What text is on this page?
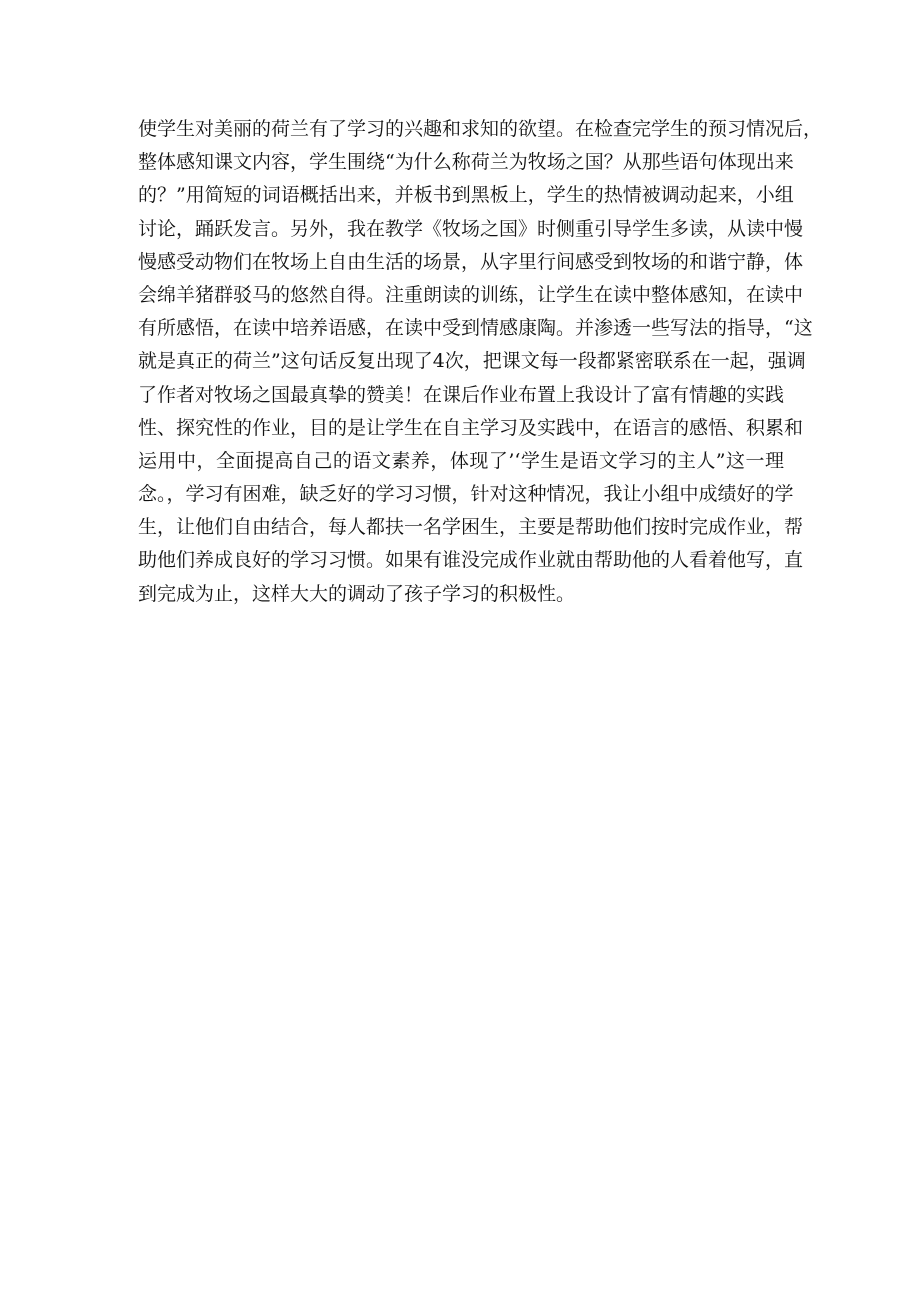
使学生对美丽的荷兰有了学习的兴趣和求知的欲望。在检查完学生的预习情况后，
整体感知课文内容，学生围绕“为什么称荷兰为牧场之国？从那些语句体现出来
的？”用简短的词语概括出来，并板书到黑板上，学生的热情被调动起来，小组
讨论，踊跃发言。另外，我在教学《牧场之国》时侧重引导学生多读，从读中慢
慢感受动物们在牧场上自由生活的场景，从字里行间感受到牧场的和谐宁静，体
会绵羊猪群驳马的悠然自得。注重朗读的训练，让学生在读中整体感知，在读中
有所感悟，在读中培养语感，在读中受到情感康陶。并渗透一些写法的指导，“这
就是真正的荷兰”这句话反复出现了4次，把课文每一段都紧密联系在一起，强调
了作者对牧场之国最真挚的赞美！在课后作业布置上我设计了富有情趣的实践
性、探究性的作业，目的是让学生在自主学习及实践中，在语言的感悟、积累和
运用中，全面提高自己的语文素养，体现了’‘学生是语文学习的主人”这一理
念。，学习有困难，缺乏好的学习习惯，针对这种情况，我让小组中成绩好的学
生，让他们自由结合，每人都扶一名学困生，主要是帮助他们按时完成作业，帮
助他们养成良好的学习习惯。如果有谁没完成作业就由帮助他的人看着他写，直
到完成为止，这样大大的调动了孩子学习的积极性。
